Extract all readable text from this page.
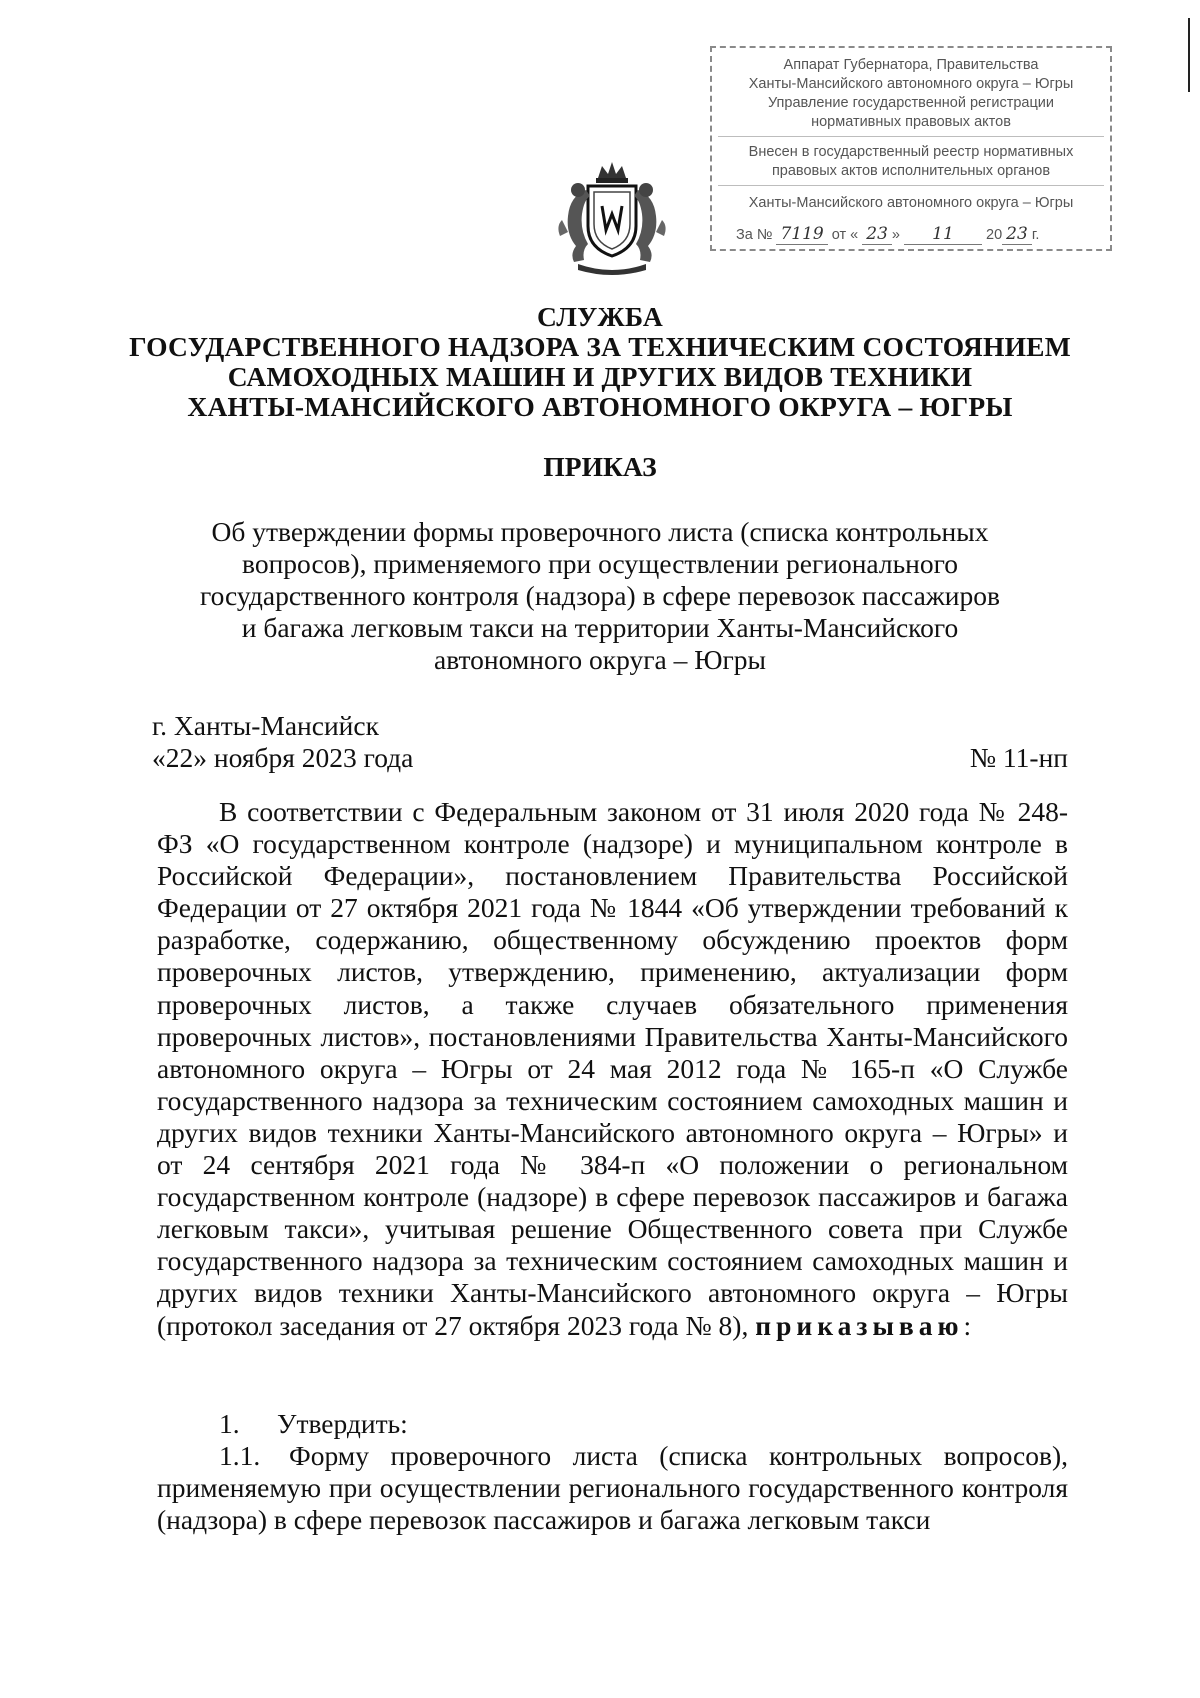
Аппарат Губернатора, Правительства
Ханты-Мансийского автономного округа – Югры
Управление государственной регистрации
нормативных правовых актов
Внесен в государственный реестр нормативных
правовых актов исполнительных органов
Ханты-Мансийского автономного округа – Югры
За № 7119 от « 23 » 11 20 23 г.
СЛУЖБА
ГОСУДАРСТВЕННОГО НАДЗОРА ЗА ТЕХНИЧЕСКИМ СОСТОЯНИЕМ
САМОХОДНЫХ МАШИН И ДРУГИХ ВИДОВ ТЕХНИКИ
ХАНТЫ-МАНСИЙСКОГО АВТОНОМНОГО ОКРУГА – ЮГРЫ
ПРИКАЗ
Об утверждении формы проверочного листа (списка контрольных
вопросов), применяемого при осуществлении регионального
государственного контроля (надзора) в сфере перевозок пассажиров
и багажа легковым такси на территории Ханты-Мансийского
автономного округа – Югры
г. Ханты-Мансийск
«22» ноября 2023 года	№ 11-нп
В соответствии с Федеральным законом от 31 июля 2020 года № 248-ФЗ «О государственном контроле (надзоре) и муниципальном контроле в Российской Федерации», постановлением Правительства Российской Федерации от 27 октября 2021 года № 1844 «Об утверждении требований к разработке, содержанию, общественному обсуждению проектов форм проверочных листов, утверждению, применению, актуализации форм проверочных листов, а также случаев обязательного применения проверочных листов», постановлениями Правительства Ханты-Мансийского автономного округа – Югры от 24 мая 2012 года № 165-п «О Службе государственного надзора за техническим состоянием самоходных машин и других видов техники Ханты-Мансийского автономного округа – Югры» и от 24 сентября 2021 года № 384-п «О положении о региональном государственном контроле (надзоре) в сфере перевозок пассажиров и багажа легковым такси», учитывая решение Общественного совета при Службе государственного надзора за техническим состоянием самоходных машин и других видов техники Ханты-Мансийского автономного округа – Югры (протокол заседания от 27 октября 2023 года № 8), приказываю:
1. Утвердить:
1.1. Форму проверочного листа (списка контрольных вопросов), применяемую при осуществлении регионального государственного контроля (надзора) в сфере перевозок пассажиров и багажа легковым такси
